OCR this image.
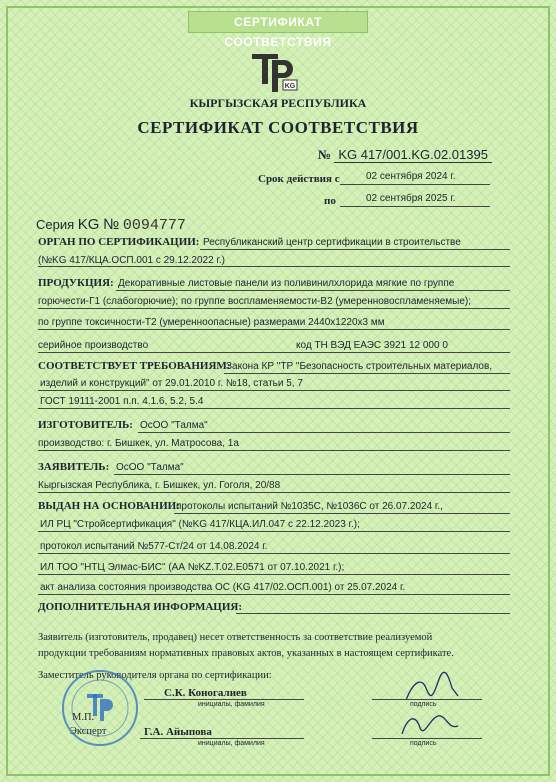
СЕРТИФИКАТ СООТВЕТСТВИЯ
KG
КЫРГЫЗСКАЯ РЕСПУБЛИКА
СЕРТИФИКАТ СООТВЕТСТВИЯ
№ KG 417/001.KG.02.01395
Срок действия с	02 сентября 2024 г.
по	02 сентября 2025 г.
Серия KG № 0094777
ОРГАН ПО СЕРТИФИКАЦИИ: Республиканский центр сертификации в строительстве
(№KG 417/КЦА.ОСП.001 с 29.12.2022 г.)
ПРОДУКЦИЯ: Декоративные листовые панели из поливинилхлорида мягкие по группе
горючести-Г1 (слабогорючие); по группе воспламеняемости-В2 (умеренновоспламеняемые);
по группе токсичности-Т2 (умеренноопасные) размерами 2440х1220х3 мм
серийное производство	код ТН ВЭД ЕАЭС 3921 12 000 0
СООТВЕТСТВУЕТ ТРЕБОВАНИЯМ:
Закона КР "ТР "Безопасность строительных материалов,
изделий и конструкций" от 29.01.2010 г. №18, статьи 5, 7
ГОСТ 19111-2001 п.п. 4.1.6, 5.2, 5.4
ИЗГОТОВИТЕЛЬ: ОсОО "Талма"
производство: г. Бишкек, ул. Матросова, 1а
ЗАЯВИТЕЛЬ: ОсОО "Талма"
Кыргызская Республика, г. Бишкек, ул. Гоголя, 20/88
ВЫДАН НА ОСНОВАНИИ:
протоколы испытаний №1035С, №1036С от 26.07.2024 г.,
ИЛ РЦ "Стройсертификация" (№KG 417/КЦА.ИЛ.047 с 22.12.2023 г.);
протокол испытаний №577-Ст/24 от 14.08.2024 г.
ИЛ ТОО "НТЦ Элмас-БИС" (АА №KZ.T.02.E0571 от 07.10.2021 г.);
акт анализа состояния производства ОС (KG 417/02.ОСП.001) от 25.07.2024 г.
ДОПОЛНИТЕЛЬНАЯ ИНФОРМАЦИЯ:
Заявитель (изготовитель, продавец) несет ответственность за соответствие реализуемой
продукции требованиям нормативных правовых актов, указанных в настоящем сертификате.
Заместитель руководителя органа по сертификации:
С.К. Коногалиев
инициалы, фамилия	подпись
М.П.
Эксперт	Г.А. Айыпова
инициалы, фамилия	подпись
